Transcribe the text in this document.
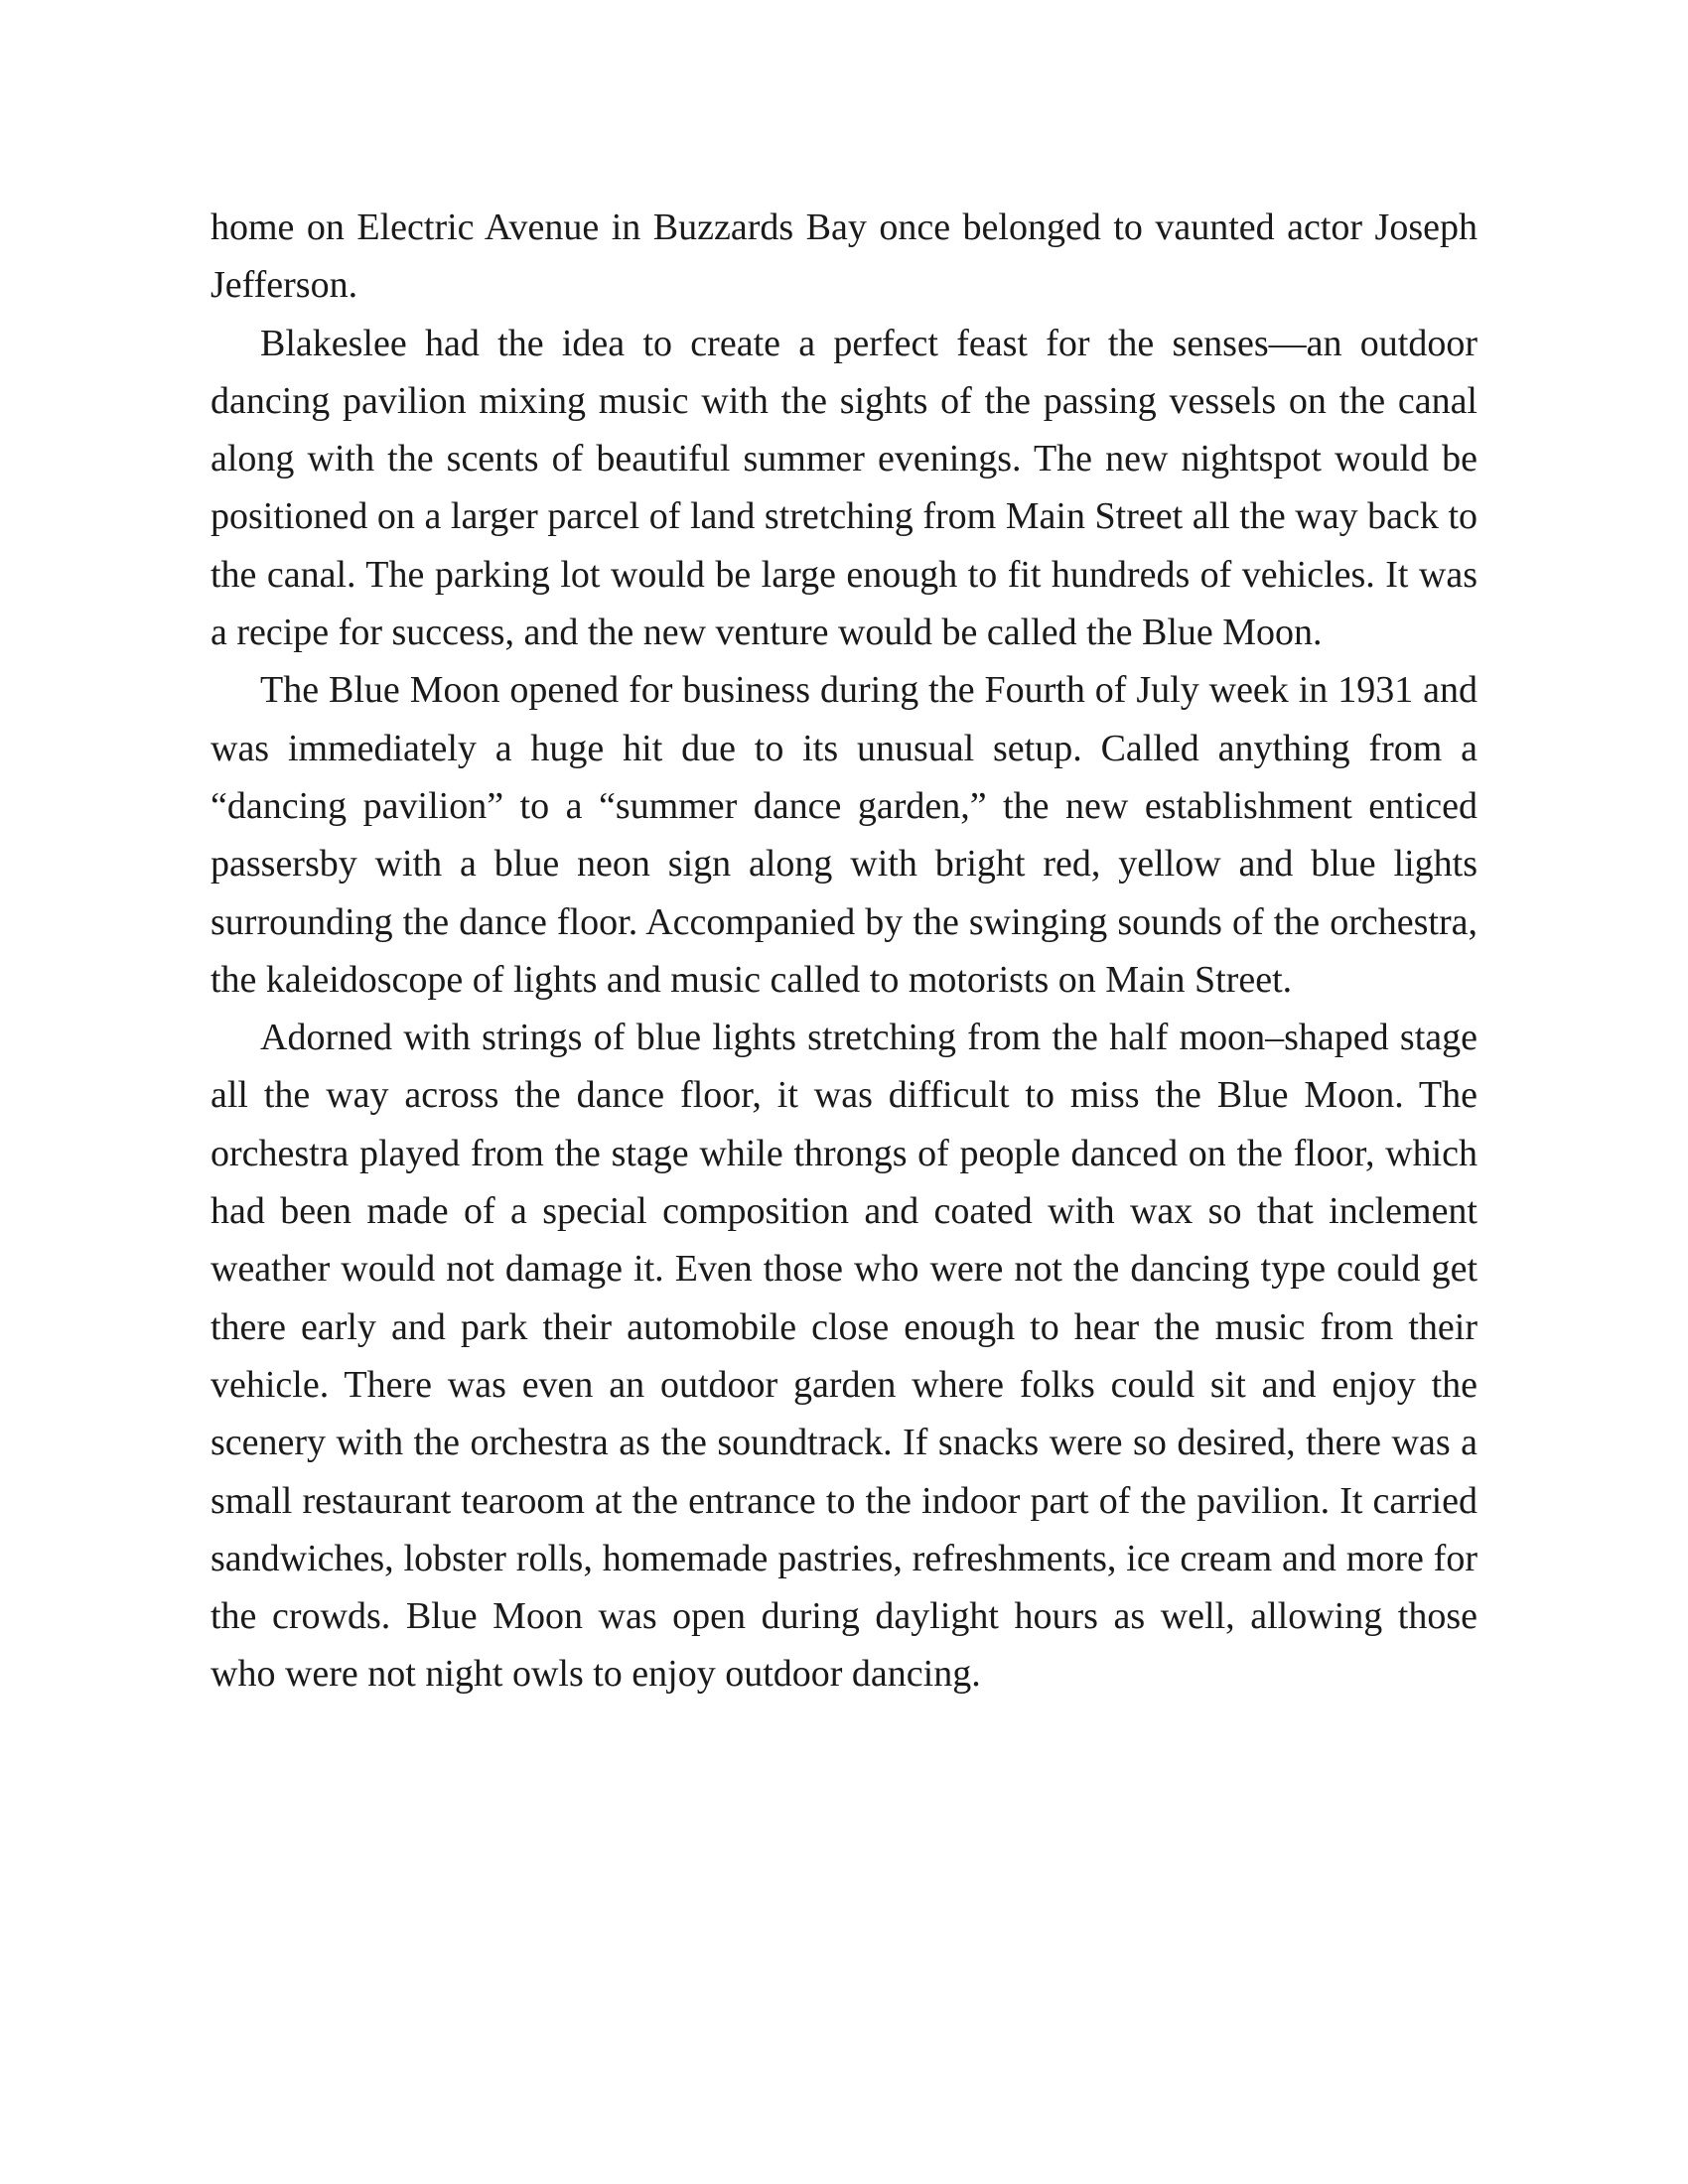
home on Electric Avenue in Buzzards Bay once belonged to vaunted actor Joseph Jefferson.

Blakeslee had the idea to create a perfect feast for the senses—an outdoor dancing pavilion mixing music with the sights of the passing vessels on the canal along with the scents of beautiful summer evenings. The new nightspot would be positioned on a larger parcel of land stretching from Main Street all the way back to the canal. The parking lot would be large enough to fit hundreds of vehicles. It was a recipe for success, and the new venture would be called the Blue Moon.

The Blue Moon opened for business during the Fourth of July week in 1931 and was immediately a huge hit due to its unusual setup. Called anything from a “dancing pavilion” to a “summer dance garden,” the new establishment enticed passersby with a blue neon sign along with bright red, yellow and blue lights surrounding the dance floor. Accompanied by the swinging sounds of the orchestra, the kaleidoscope of lights and music called to motorists on Main Street.

Adorned with strings of blue lights stretching from the half moon–shaped stage all the way across the dance floor, it was difficult to miss the Blue Moon. The orchestra played from the stage while throngs of people danced on the floor, which had been made of a special composition and coated with wax so that inclement weather would not damage it. Even those who were not the dancing type could get there early and park their automobile close enough to hear the music from their vehicle. There was even an outdoor garden where folks could sit and enjoy the scenery with the orchestra as the soundtrack. If snacks were so desired, there was a small restaurant tearoom at the entrance to the indoor part of the pavilion. It carried sandwiches, lobster rolls, homemade pastries, refreshments, ice cream and more for the crowds. Blue Moon was open during daylight hours as well, allowing those who were not night owls to enjoy outdoor dancing.
